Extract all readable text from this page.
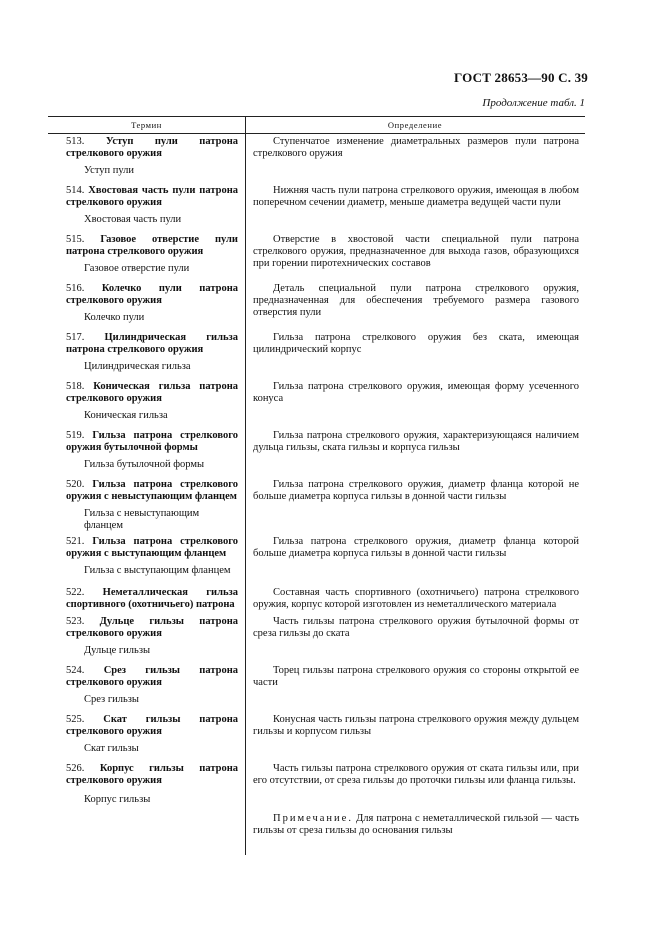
ГОСТ 28653—90 С. 39
Продолжение табл. 1
Термин	Определение
513. Уступ пули патрона стрелкового оружия
Уступ пули
Ступенчатое изменение диаметральных размеров пули патрона стрелкового оружия
514. Хвостовая часть пули патрона стрелкового оружия
Хвостовая часть пули
Нижняя часть пули патрона стрелкового оружия, имеющая в любом поперечном сечении диаметр, меньше диаметра ведущей части пули
515. Газовое отверстие пули патрона стрелкового оружия
Газовое отверстие пули
Отверстие в хвостовой части специальной пули патрона стрелкового оружия, предназначенное для выхода газов, образующихся при горении пиротехнических составов
516. Колечко пули патрона стрелкового оружия
Колечко пули
Деталь специальной пули патрона стрелкового оружия, предназначенная для обеспечения требуемого размера газового отверстия пули
517. Цилиндрическая гильза патрона стрелкового оружия
Цилиндрическая гильза
Гильза патрона стрелкового оружия без ската, имеющая цилиндрический корпус
518. Коническая гильза патрона стрелкового оружия
Коническая гильза
Гильза патрона стрелкового оружия, имеющая форму усеченного конуса
519. Гильза патрона стрелкового оружия бутылочной формы
Гильза бутылочной формы
Гильза патрона стрелкового оружия, характеризующаяся наличием дульца гильзы, ската гильзы и корпуса гильзы
520. Гильза патрона стрелкового оружия с невыступающим фланцем
Гильза с невыступающим фланцем
Гильза патрона стрелкового оружия, диаметр фланца которой не больше диаметра корпуса гильзы в донной части гильзы
521. Гильза патрона стрелкового оружия с выступающим фланцем
Гильза с выступающим фланцем
Гильза патрона стрелкового оружия, диаметр фланца которой больше диаметра корпуса гильзы в донной части гильзы
522. Неметаллическая гильза спортивного (охотничьего) патрона
Составная часть спортивного (охотничьего) патрона стрелкового оружия, корпус которой изготовлен из неметаллического материала
523. Дульце гильзы патрона стрелкового оружия
Дульце гильзы
Часть гильзы патрона стрелкового оружия бутылочной формы от среза гильзы до ската
524. Срез гильзы патрона стрелкового оружия
Срез гильзы
Торец гильзы патрона стрелкового оружия со стороны открытой ее части
525. Скат гильзы патрона стрелкового оружия
Скат гильзы
Конусная часть гильзы патрона стрелкового оружия между дульцем гильзы и корпусом гильзы
526. Корпус гильзы патрона стрелкового оружия
Корпус гильзы
Часть гильзы патрона стрелкового оружия от ската гильзы или, при его отсутствии, от среза гильзы до проточки гильзы или фланца гильзы.
Примечание. Для патрона с неметаллической гильзой — часть гильзы от среза гильзы до основания гильзы
